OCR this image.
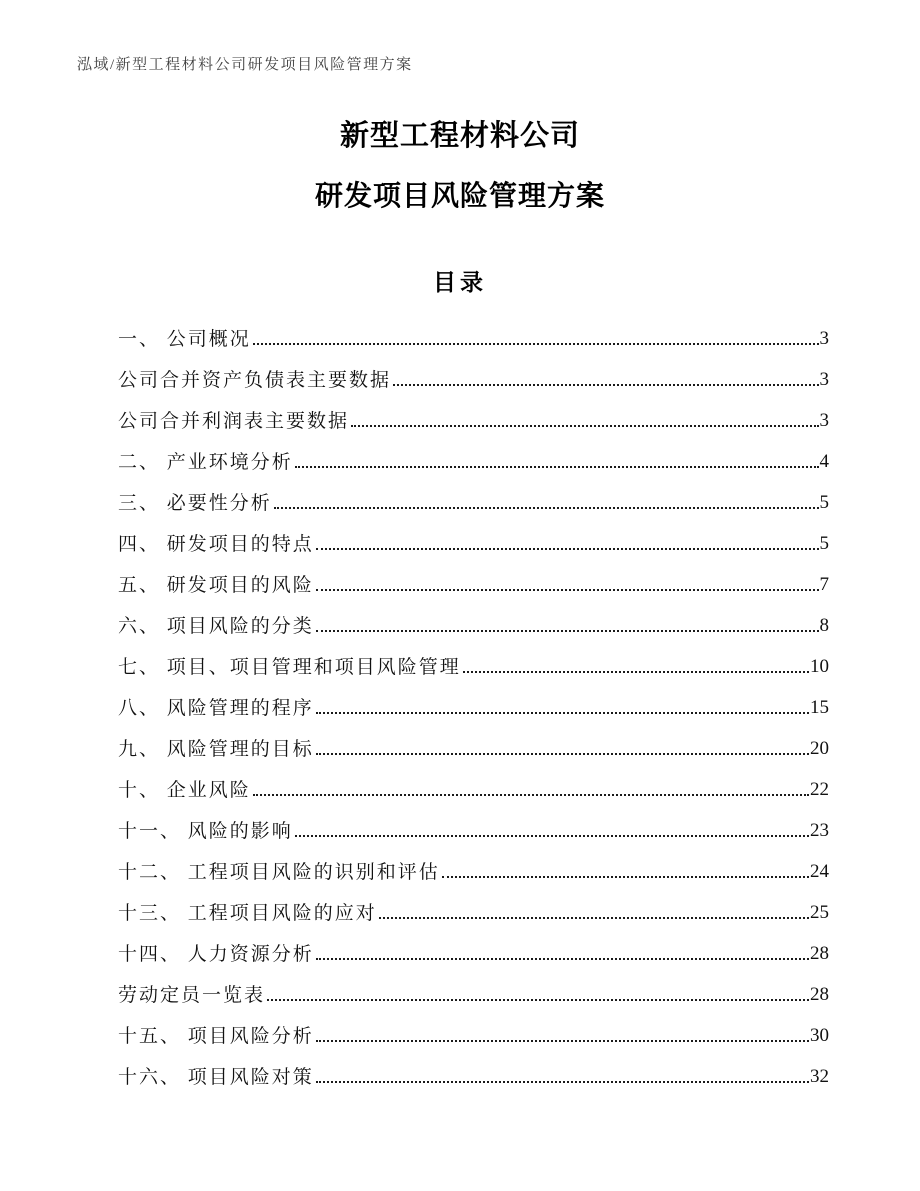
泓域/新型工程材料公司研发项目风险管理方案
新型工程材料公司
研发项目风险管理方案
目录
一、 公司概况	3
公司合并资产负债表主要数据	3
公司合并利润表主要数据	3
二、 产业环境分析	4
三、 必要性分析	5
四、 研发项目的特点	5
五、 研发项目的风险	7
六、 项目风险的分类	8
七、 项目、项目管理和项目风险管理	10
八、 风险管理的程序	15
九、 风险管理的目标	20
十、 企业风险	22
十一、 风险的影响	23
十二、 工程项目风险的识别和评估	24
十三、 工程项目风险的应对	25
十四、 人力资源分析	28
劳动定员一览表	28
十五、 项目风险分析	30
十六、 项目风险对策	32
